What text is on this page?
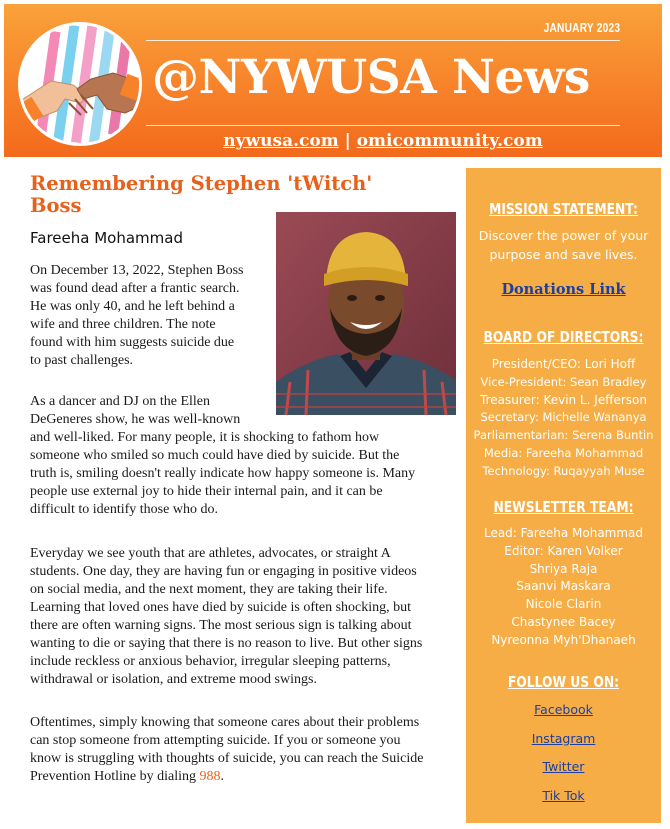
JANUARY 2023
@NYWUSA News
nywusa.com | omicommunity.com
Remembering Stephen 'tWitch' Boss
Fareeha Mohammad
On December 13, 2022, Stephen Boss
was found dead after a frantic search.
He was only 40, and he left behind a
wife and three children. The note
found with him suggests suicide due
to past challenges.
As a dancer and DJ on the Ellen
DeGeneres show, he was well-known
and well-liked. For many people, it is shocking to fathom how
someone who smiled so much could have died by suicide. But the
truth is, smiling doesn't really indicate how happy someone is. Many
people use external joy to hide their internal pain, and it can be
difficult to identify those who do.
Everyday we see youth that are athletes, advocates, or straight A
students. One day, they are having fun or engaging in positive videos
on social media, and the next moment, they are taking their life.
Learning that loved ones have died by suicide is often shocking, but
there are often warning signs. The most serious sign is talking about
wanting to die or saying that there is no reason to live. But other signs
include reckless or anxious behavior, irregular sleeping patterns,
withdrawal or isolation, and extreme mood swings.
Oftentimes, simply knowing that someone cares about their problems
can stop someone from attempting suicide. If you or someone you
know is struggling with thoughts of suicide, you can reach the Suicide
Prevention Hotline by dialing 988.
MISSION STATEMENT:
Discover the power of your
purpose and save lives.
Donations Link
BOARD OF DIRECTORS:
President/CEO: Lori Hoff
Vice-President: Sean Bradley
Treasurer: Kevin L. Jefferson
Secretary: Michelle Wananya
Parliamentarian: Serena Buntin
Media: Fareeha Mohammad
Technology: Ruqayyah Muse
NEWSLETTER TEAM:
Lead: Fareeha Mohammad
Editor: Karen Volker
Shriya Raja
Saanvi Maskara
Nicole Clarin
Chastynee Bacey
Nyreonna Myh'Dhanaeh
FOLLOW US ON:
Facebook
Instagram
Twitter
Tik Tok
